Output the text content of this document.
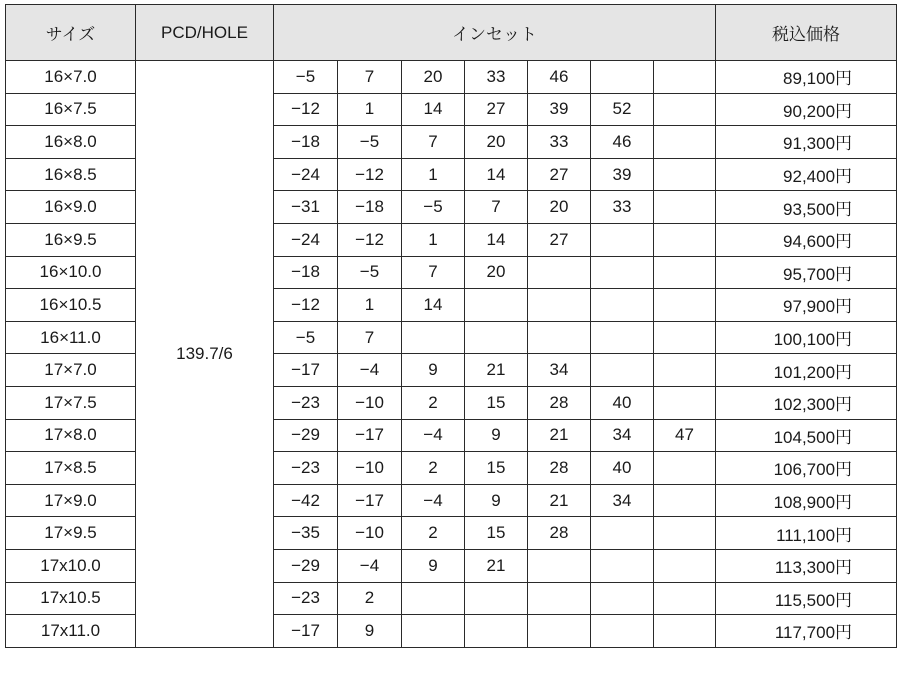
サイズ	PCD/HOLE	インセット							税込価格
16×7.0	139.7/6	−5	7	20	33	46			89,100円
16×7.5		−12	1	14	27	39	52		90,200円
16×8.0		−18	−5	7	20	33	46		91,300円
16×8.5		−24	−12	1	14	27	39		92,400円
16×9.0		−31	−18	−5	7	20	33		93,500円
16×9.5		−24	−12	1	14	27			94,600円
16×10.0		−18	−5	7	20				95,700円
16×10.5		−12	1	14					97,900円
16×11.0		−5	7						100,100円
17×7.0		−17	−4	9	21	34			101,200円
17×7.5		−23	−10	2	15	28	40		102,300円
17×8.0		−29	−17	−4	9	21	34	47	104,500円
17×8.5		−23	−10	2	15	28	40		106,700円
17×9.0		−42	−17	−4	9	21	34		108,900円
17×9.5		−35	−10	2	15	28			111,100円
17x10.0		−29	−4	9	21				113,300円
17x10.5		−23	2						115,500円
17x11.0		−17	9						117,700円
